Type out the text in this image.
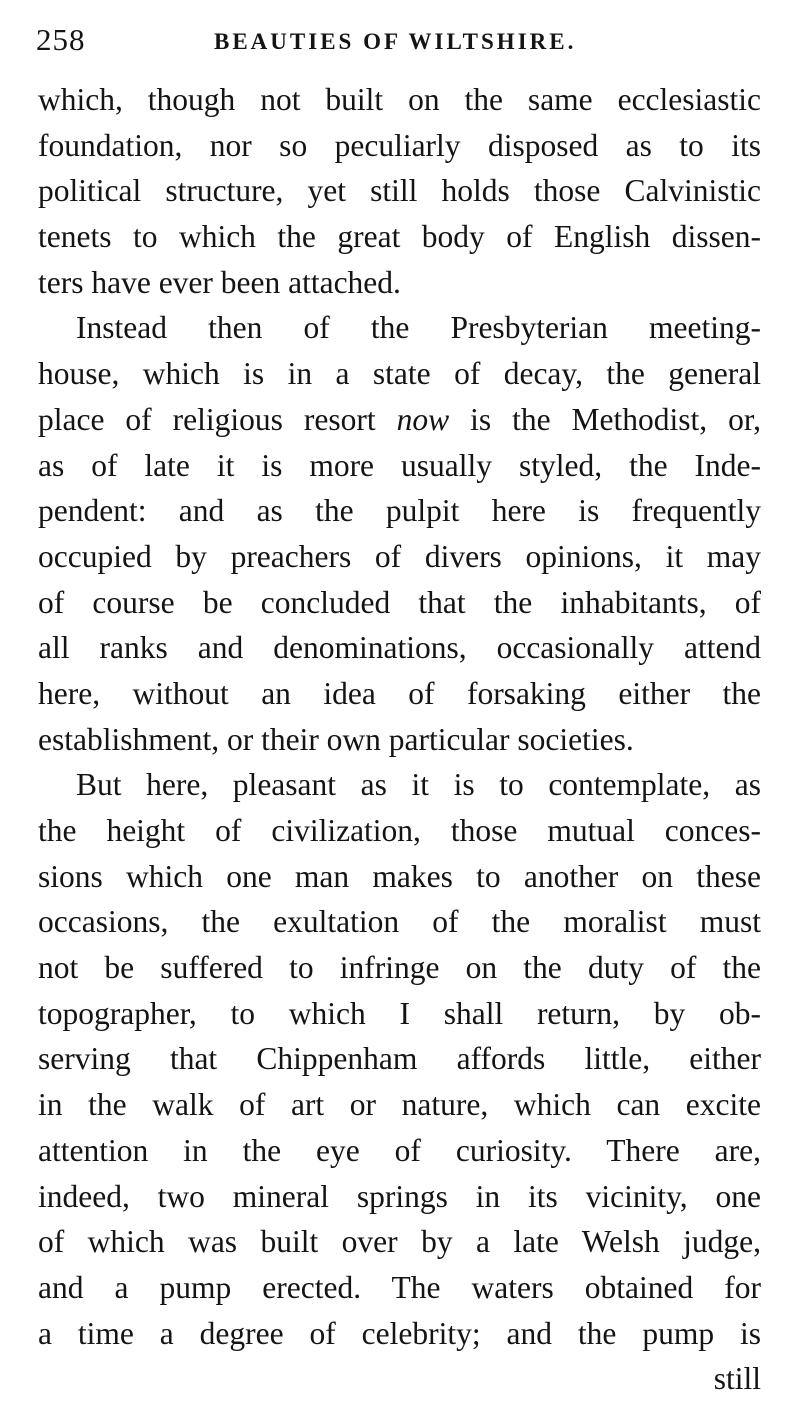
258	BEAUTIES OF WILTSHIRE.
which, though not built on the same ecclesiastic
foundation, nor so peculiarly disposed as to its
political structure, yet still holds those Calvinistic
tenets to which the great body of English dissen-
ters have ever been attached.
Instead then of the Presbyterian meeting-
house, which is in a state of decay, the general
place of religious resort now is the Methodist, or,
as of late it is more usually styled, the Inde-
pendent: and as the pulpit here is frequently
occupied by preachers of divers opinions, it may
of course be concluded that the inhabitants, of
all ranks and denominations, occasionally attend
here, without an idea of forsaking either the
establishment, or their own particular societies.
But here, pleasant as it is to contemplate, as
the height of civilization, those mutual conces-
sions which one man makes to another on these
occasions, the exultation of the moralist must
not be suffered to infringe on the duty of the
topographer, to which I shall return, by ob-
serving that Chippenham affords little, either
in the walk of art or nature, which can excite
attention in the eye of curiosity. There are,
indeed, two mineral springs in its vicinity, one
of which was built over by a late Welsh judge,
and a pump erected. The waters obtained for
a time a degree of celebrity; and the pump is
still
